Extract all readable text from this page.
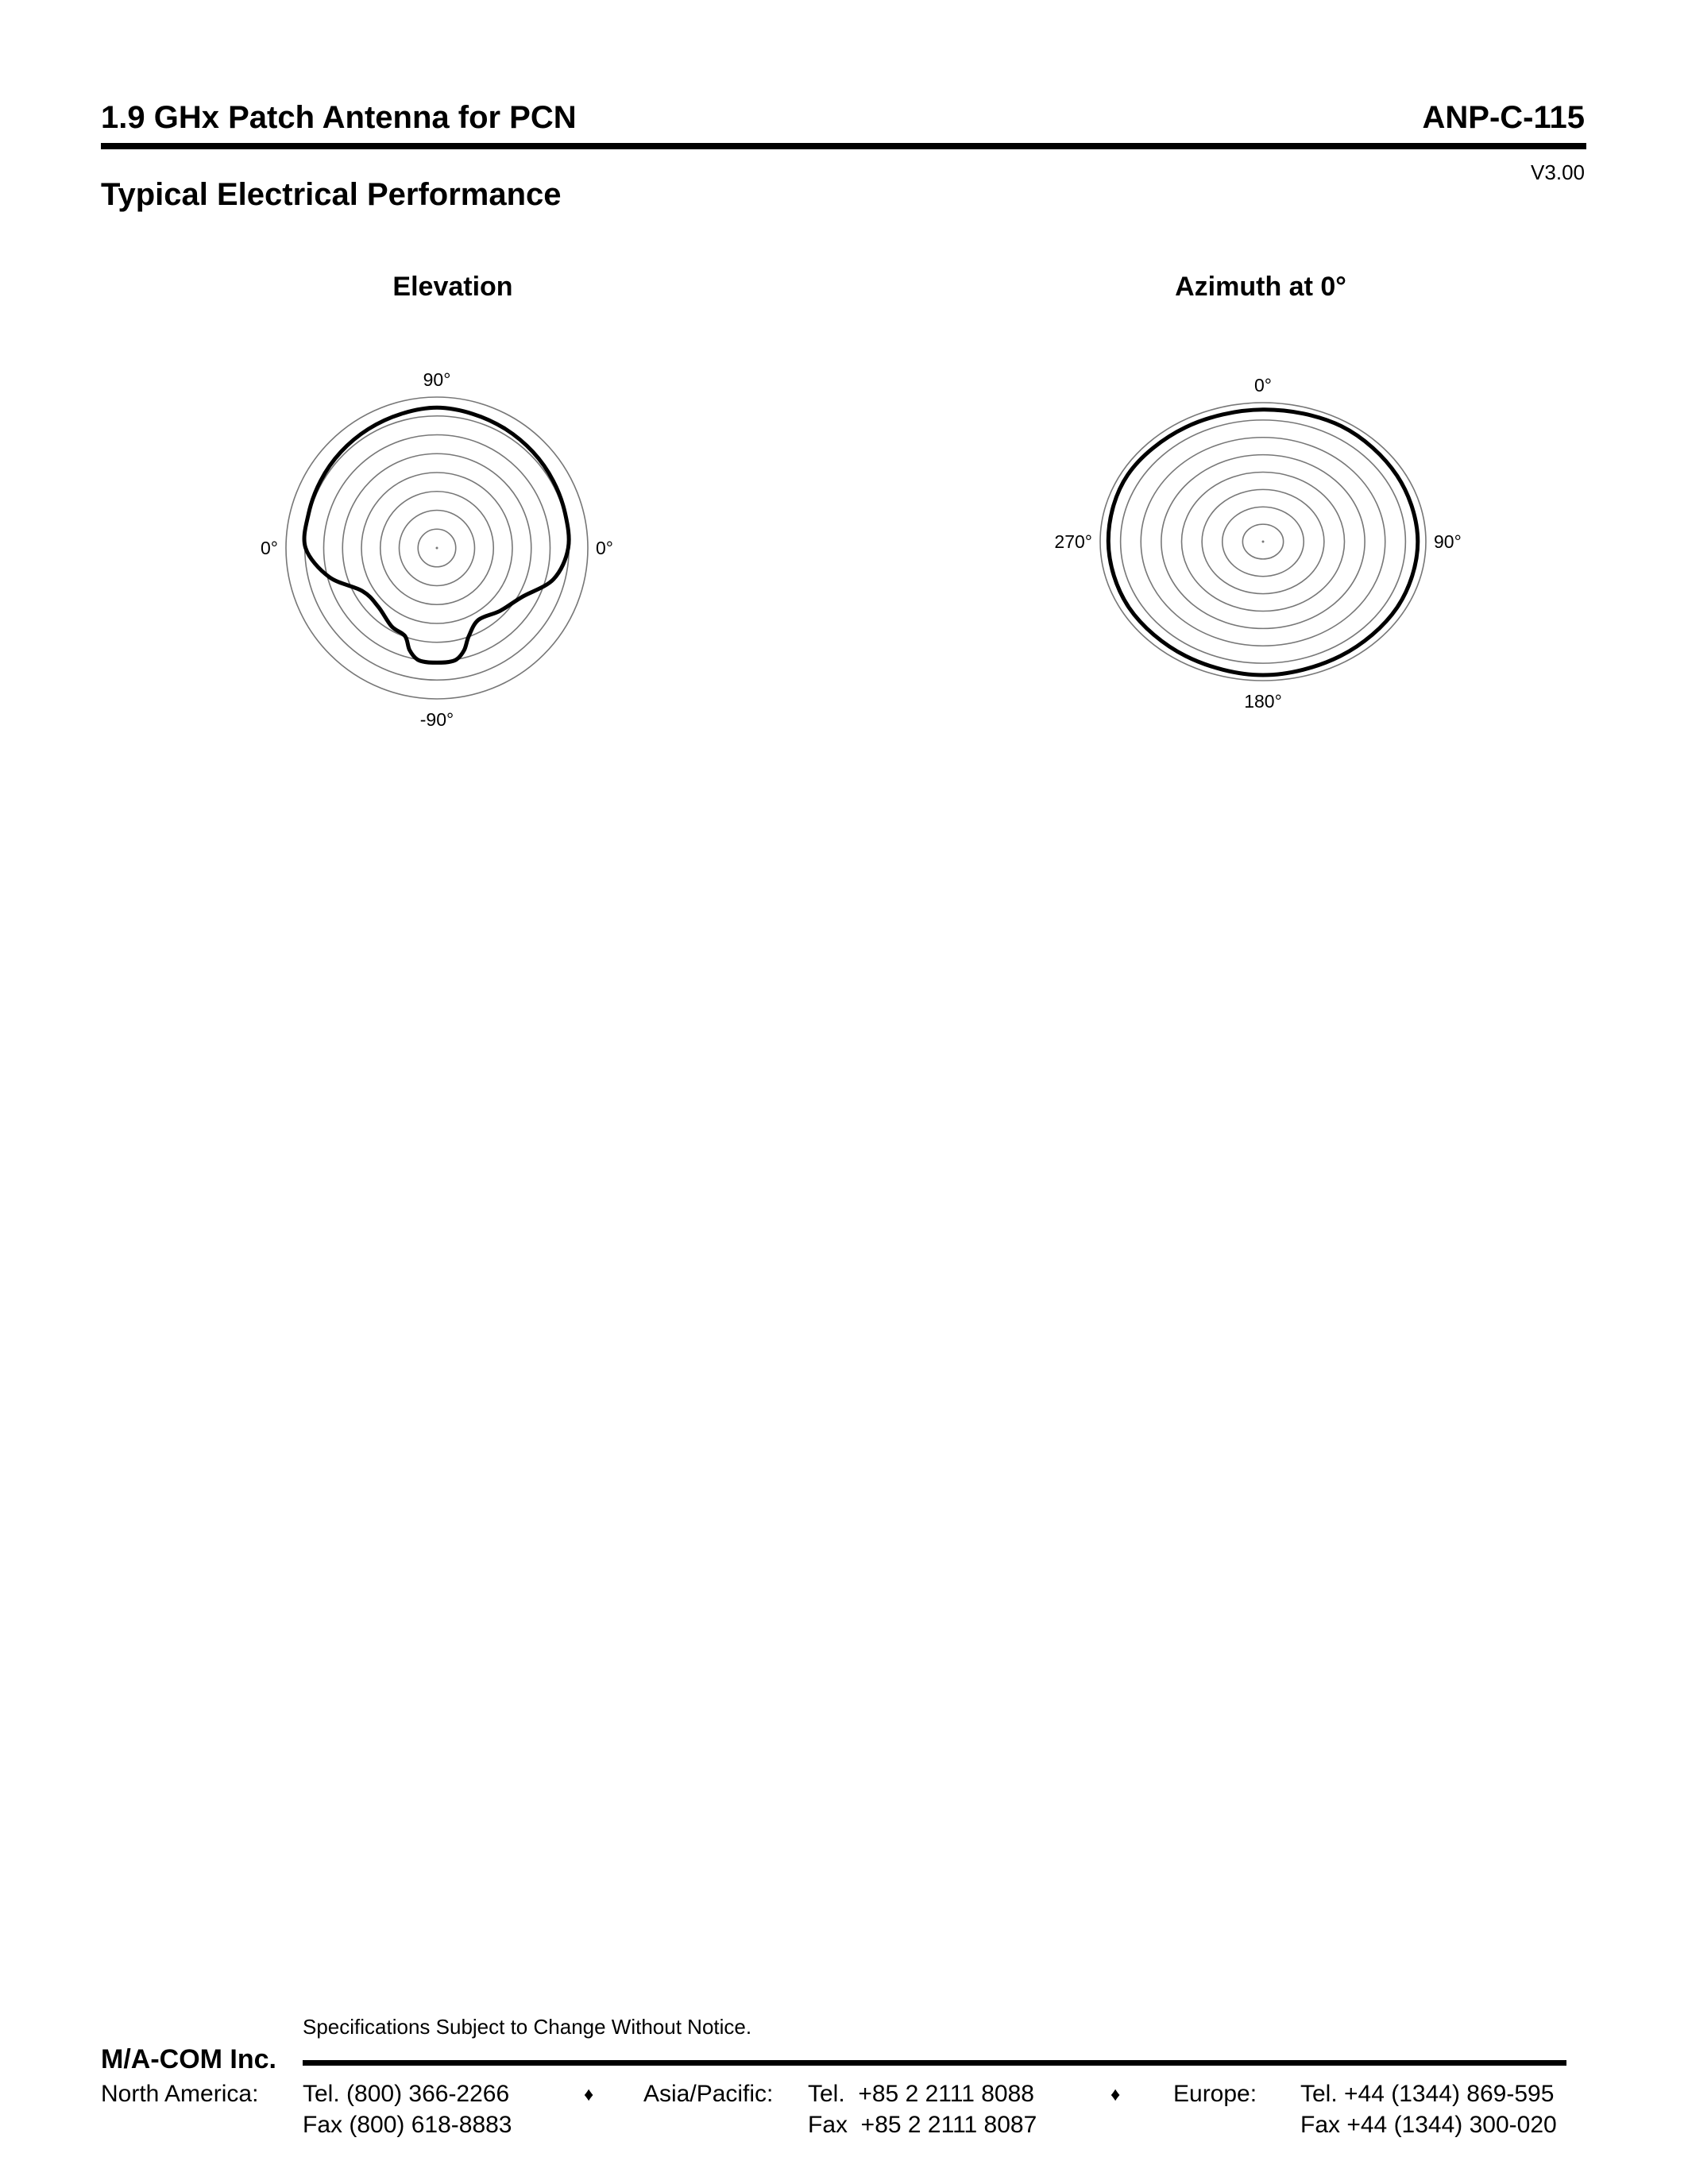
1.9 GHx Patch Antenna for PCN	ANP-C-115
V3.00
Typical Electrical Performance
Elevation
90°
-90°
0°	0°
Azimuth at 0°
0°
180°
270°	90°
Specifications Subject to Change Without Notice.
M/A-COM Inc.
North America: Tel. (800) 366-2266
Fax (800) 618-8883
♦ Asia/Pacific: Tel.  +85 2 2111 8088
Fax  +85 2 2111 8087
♦ Europe: Tel. +44 (1344) 869-595
Fax +44 (1344) 300-020
